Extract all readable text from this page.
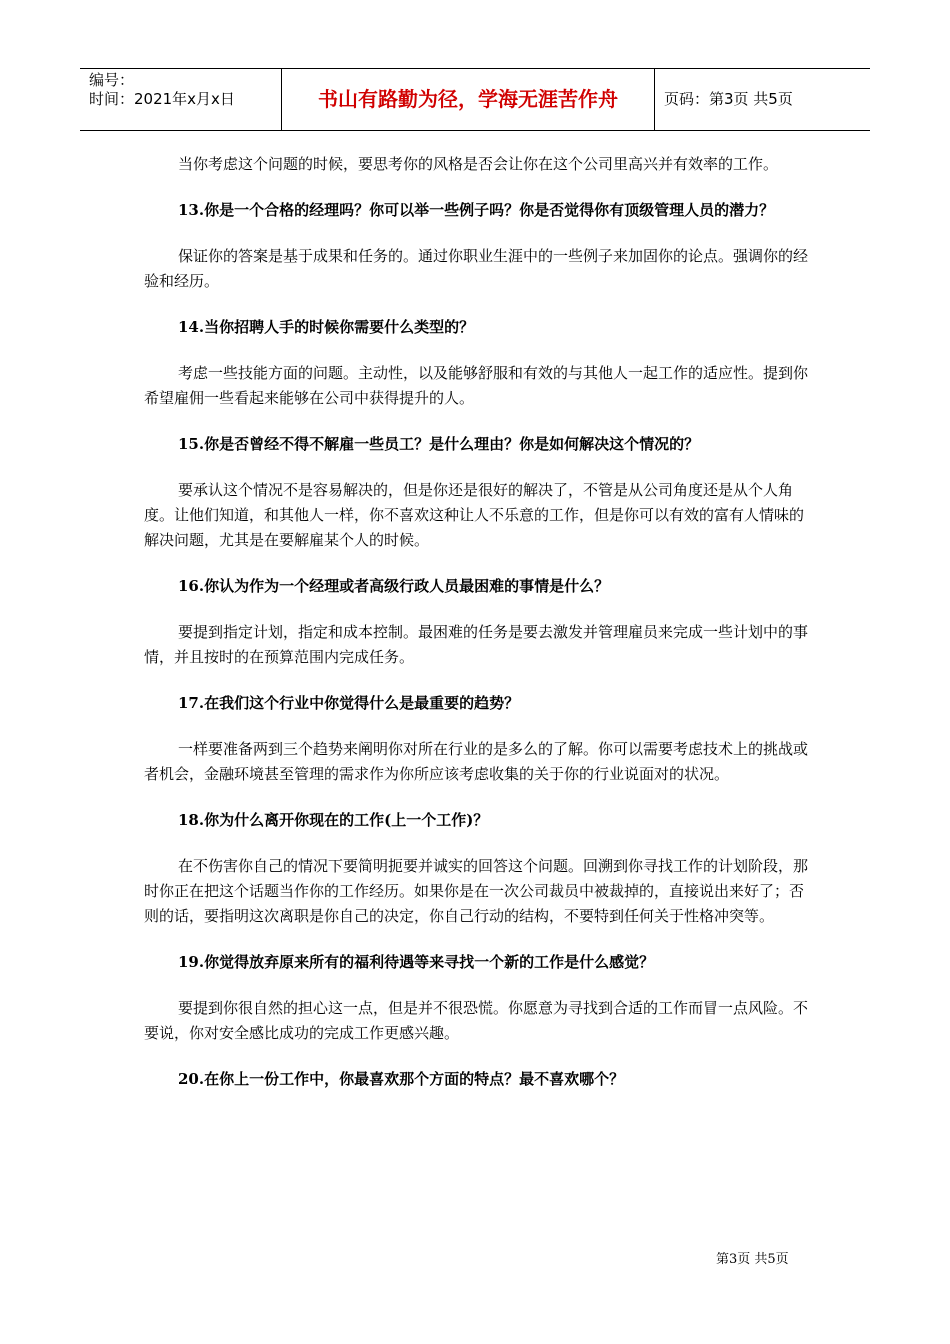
编号：
时间：2021年x月x日	书山有路勤为径，学海无涯苦作舟	页码：第3页 共5页

当你考虑这个问题的时候，要思考你的风格是否会让你在这个公司里高兴并有效率的工作。

13.你是一个合格的经理吗？你可以举一些例子吗？你是否觉得你有顶级管理人员的潜力？

保证你的答案是基于成果和任务的。通过你职业生涯中的一些例子来加固你的论点。强调你的经验和经历。

14.当你招聘人手的时候你需要什么类型的？

考虑一些技能方面的问题。主动性，以及能够舒服和有效的与其他人一起工作的适应性。提到你希望雇佣一些看起来能够在公司中获得提升的人。

15.你是否曾经不得不解雇一些员工？是什么理由？你是如何解决这个情况的？

要承认这个情况不是容易解决的，但是你还是很好的解决了，不管是从公司角度还是从个人角度。让他们知道，和其他人一样，你不喜欢这种让人不乐意的工作，但是你可以有效的富有人情味的解决问题，尤其是在要解雇某个人的时候。

16.你认为作为一个经理或者高级行政人员最困难的事情是什么？

要提到指定计划，指定和成本控制。最困难的任务是要去激发并管理雇员来完成一些计划中的事情，并且按时的在预算范围内完成任务。

17.在我们这个行业中你觉得什么是最重要的趋势？

一样要准备两到三个趋势来阐明你对所在行业的是多么的了解。你可以需要考虑技术上的挑战或者机会，金融环境甚至管理的需求作为你所应该考虑收集的关于你的行业说面对的状况。

18.你为什么离开你现在的工作(上一个工作)？

在不伤害你自己的情况下要简明扼要并诚实的回答这个问题。回溯到你寻找工作的计划阶段，那时你正在把这个话题当作你的工作经历。如果你是在一次公司裁员中被裁掉的，直接说出来好了；否则的话，要指明这次离职是你自己的决定，你自己行动的结构，不要特到任何关于性格冲突等。

19.你觉得放弃原来所有的福利待遇等来寻找一个新的工作是什么感觉？

要提到你很自然的担心这一点，但是并不很恐慌。你愿意为寻找到合适的工作而冒一点风险。不要说，你对安全感比成功的完成工作更感兴趣。

20.在你上一份工作中，你最喜欢那个方面的特点？最不喜欢哪个？

第3页 共5页
